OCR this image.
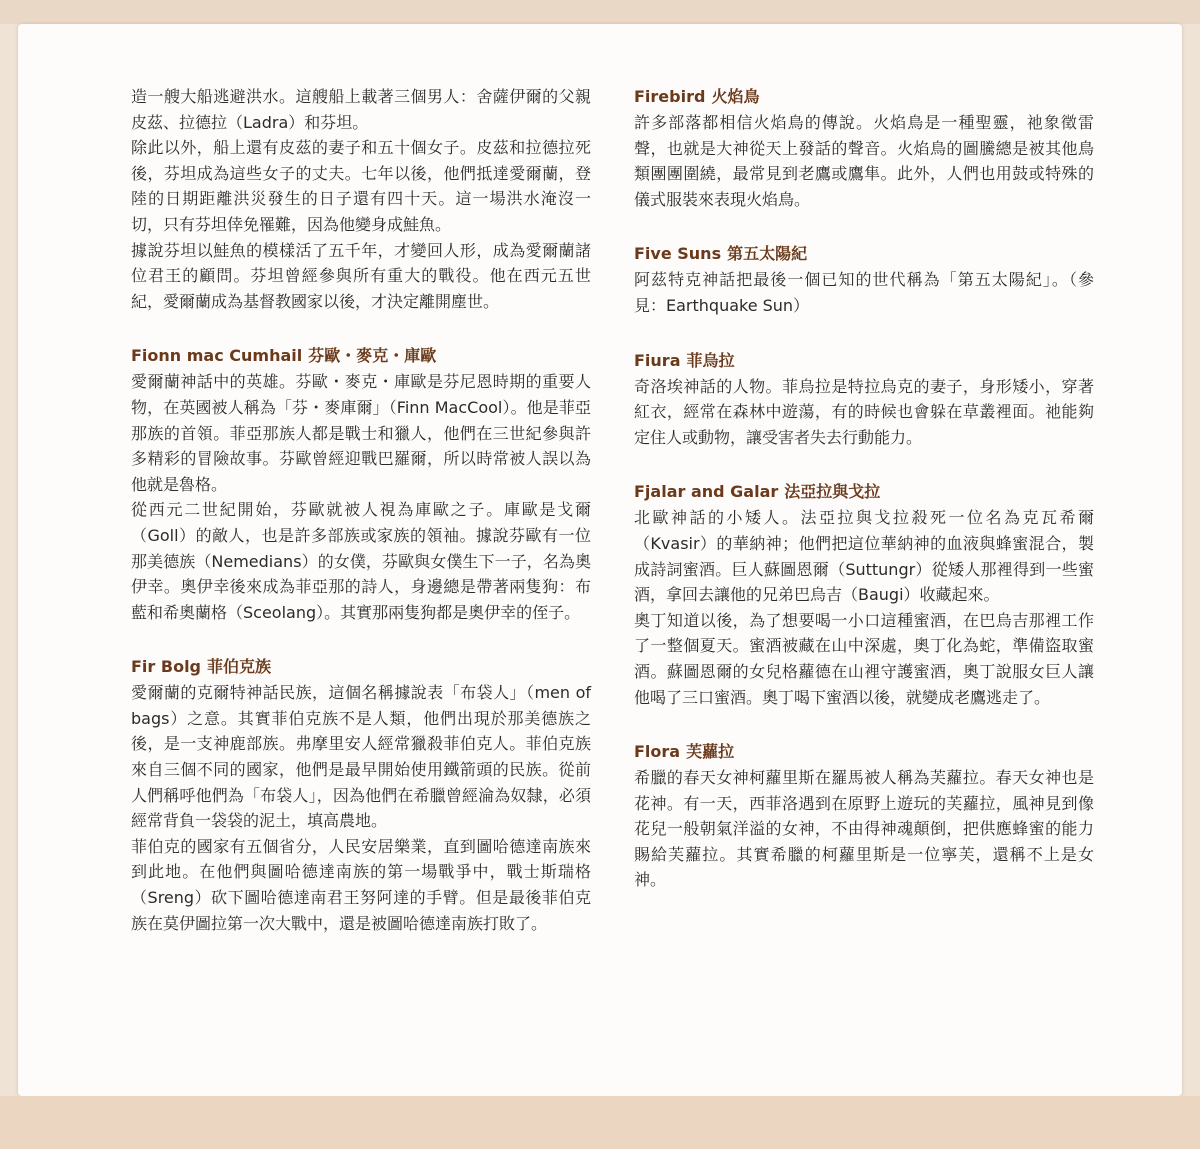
造一艘大船逃避洪水。這艘船上載著三個男人：舍薩伊爾的父親皮茲、拉德拉（Ladra）和芬坦。

除此以外，船上還有皮茲的妻子和五十個女子。皮茲和拉德拉死後，芬坦成為這些女子的丈夫。七年以後，他們抵達愛爾蘭，登陸的日期距離洪災發生的日子還有四十天。這一場洪水淹沒一切，只有芬坦倖免罹難，因為他變身成鮭魚。

據說芬坦以鮭魚的模樣活了五千年，才變回人形，成為愛爾蘭諸位君王的顧問。芬坦曾經參與所有重大的戰役。他在西元五世紀，愛爾蘭成為基督教國家以後，才決定離開塵世。

Fionn mac Cumhail 芬歐・麥克・庫歐

愛爾蘭神話中的英雄。芬歐・麥克・庫歐是芬尼恩時期的重要人物，在英國被人稱為「芬・麥庫爾」（Finn MacCool）。他是菲亞那族的首領。菲亞那族人都是戰士和獵人，他們在三世紀參與許多精彩的冒險故事。芬歐曾經迎戰巴羅爾，所以時常被人誤以為他就是魯格。

從西元二世紀開始，芬歐就被人視為庫歐之子。庫歐是戈爾（Goll）的敵人，也是許多部族或家族的領袖。據說芬歐有一位那美德族（Nemedians）的女僕，芬歐與女僕生下一子，名為奧伊幸。奧伊幸後來成為菲亞那的詩人，身邊總是帶著兩隻狗：布藍和希奧蘭格（Sceolang）。其實那兩隻狗都是奧伊幸的侄子。

Fir Bolg 菲伯克族

愛爾蘭的克爾特神話民族，這個名稱據說表「布袋人」（men of bags）之意。其實菲伯克族不是人類，他們出現於那美德族之後，是一支神鹿部族。弗摩里安人經常獵殺菲伯克人。菲伯克族來自三個不同的國家，他們是最早開始使用鐵箭頭的民族。從前人們稱呼他們為「布袋人」，因為他們在希臘曾經淪為奴隸，必須經常背負一袋袋的泥土，填高農地。

菲伯克的國家有五個省分，人民安居樂業，直到圖哈德達南族來到此地。在他們與圖哈德達南族的第一場戰爭中，戰士斯瑞格（Sreng）砍下圖哈德達南君王努阿達的手臂。但是最後菲伯克族在莫伊圖拉第一次大戰中，還是被圖哈德達南族打敗了。

Firebird 火焰鳥

許多部落都相信火焰鳥的傳說。火焰鳥是一種聖靈，祂象徵雷聲，也就是大神從天上發話的聲音。火焰鳥的圖騰總是被其他鳥類團團圍繞，最常見到老鷹或鷹隼。此外，人們也用鼓或特殊的儀式服裝來表現火焰鳥。

Five Suns 第五太陽紀

阿茲特克神話把最後一個已知的世代稱為「第五太陽紀」。（參見：Earthquake Sun）

Fiura 菲烏拉

奇洛埃神話的人物。菲烏拉是特拉烏克的妻子，身形矮小，穿著紅衣，經常在森林中遊蕩，有的時候也會躲在草叢裡面。祂能夠定住人或動物，讓受害者失去行動能力。

Fjalar and Galar 法亞拉與戈拉

北歐神話的小矮人。法亞拉與戈拉殺死一位名為克瓦希爾（Kvasir）的華納神；他們把這位華納神的血液與蜂蜜混合，製成詩詞蜜酒。巨人蘇圖恩爾（Suttungr）從矮人那裡得到一些蜜酒，拿回去讓他的兄弟巴烏吉（Baugi）收藏起來。

奧丁知道以後，為了想要喝一小口這種蜜酒，在巴烏吉那裡工作了一整個夏天。蜜酒被藏在山中深處，奧丁化為蛇，準備盜取蜜酒。蘇圖恩爾的女兒格蘿德在山裡守護蜜酒，奧丁說服女巨人讓他喝了三口蜜酒。奧丁喝下蜜酒以後，就變成老鷹逃走了。

Flora 芙蘿拉

希臘的春天女神柯蘿里斯在羅馬被人稱為芙蘿拉。春天女神也是花神。有一天，西菲洛遇到在原野上遊玩的芙蘿拉，風神見到像花兒一般朝氣洋溢的女神，不由得神魂顛倒，把供應蜂蜜的能力賜給芙蘿拉。其實希臘的柯蘿里斯是一位寧芙，還稱不上是女神。
